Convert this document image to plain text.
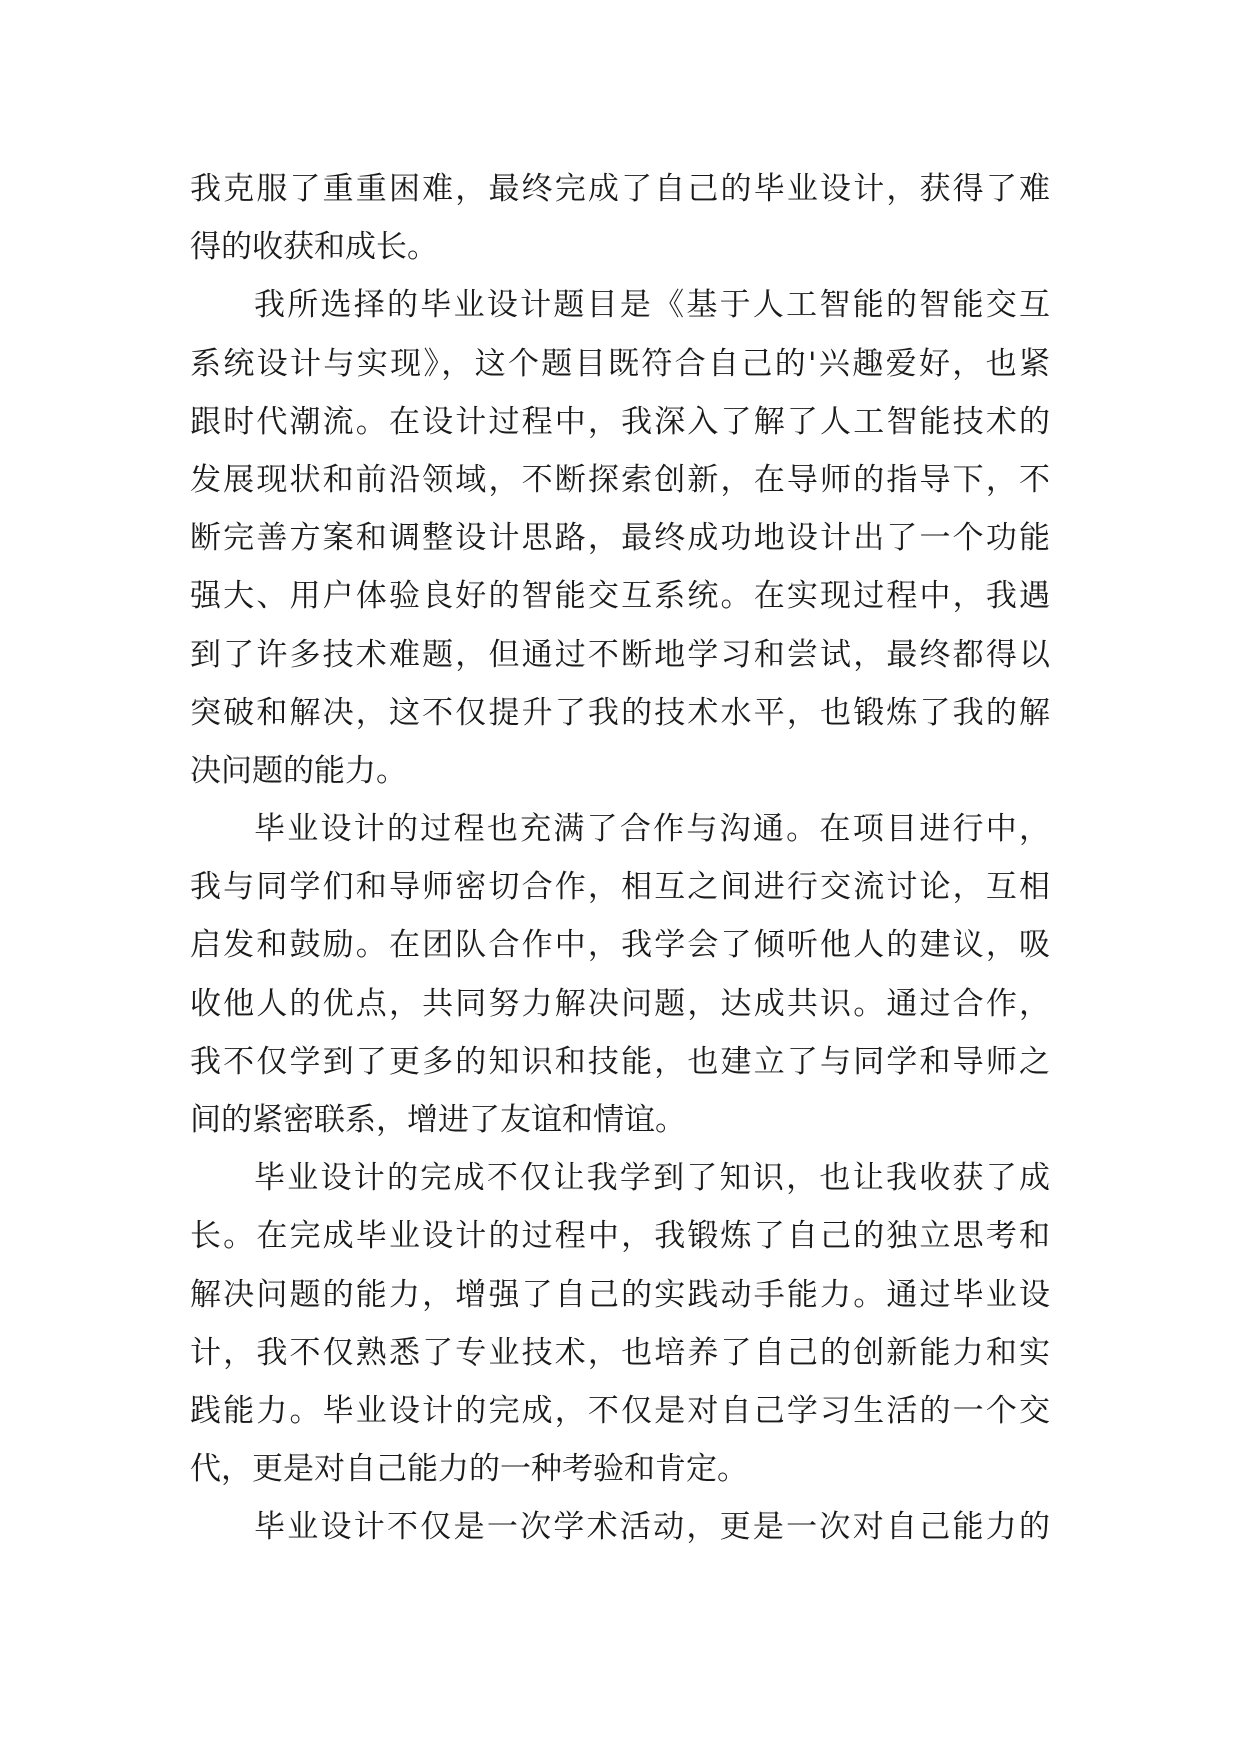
我克服了重重困难，最终完成了自己的毕业设计，获得了难
得的收获和成长。
我所选择的毕业设计题目是《基于人工智能的智能交互
系统设计与实现》，这个题目既符合自己的'兴趣爱好，也紧
跟时代潮流。在设计过程中，我深入了解了人工智能技术的
发展现状和前沿领域，不断探索创新，在导师的指导下，不
断完善方案和调整设计思路，最终成功地设计出了一个功能
强大、用户体验良好的智能交互系统。在实现过程中，我遇
到了许多技术难题，但通过不断地学习和尝试，最终都得以
突破和解决，这不仅提升了我的技术水平，也锻炼了我的解
决问题的能力。
毕业设计的过程也充满了合作与沟通。在项目进行中，
我与同学们和导师密切合作，相互之间进行交流讨论，互相
启发和鼓励。在团队合作中，我学会了倾听他人的建议，吸
收他人的优点，共同努力解决问题，达成共识。通过合作，
我不仅学到了更多的知识和技能，也建立了与同学和导师之
间的紧密联系，增进了友谊和情谊。
毕业设计的完成不仅让我学到了知识，也让我收获了成
长。在完成毕业设计的过程中，我锻炼了自己的独立思考和
解决问题的能力，增强了自己的实践动手能力。通过毕业设
计，我不仅熟悉了专业技术，也培养了自己的创新能力和实
践能力。毕业设计的完成，不仅是对自己学习生活的一个交
代，更是对自己能力的一种考验和肯定。
毕业设计不仅是一次学术活动，更是一次对自己能力的
